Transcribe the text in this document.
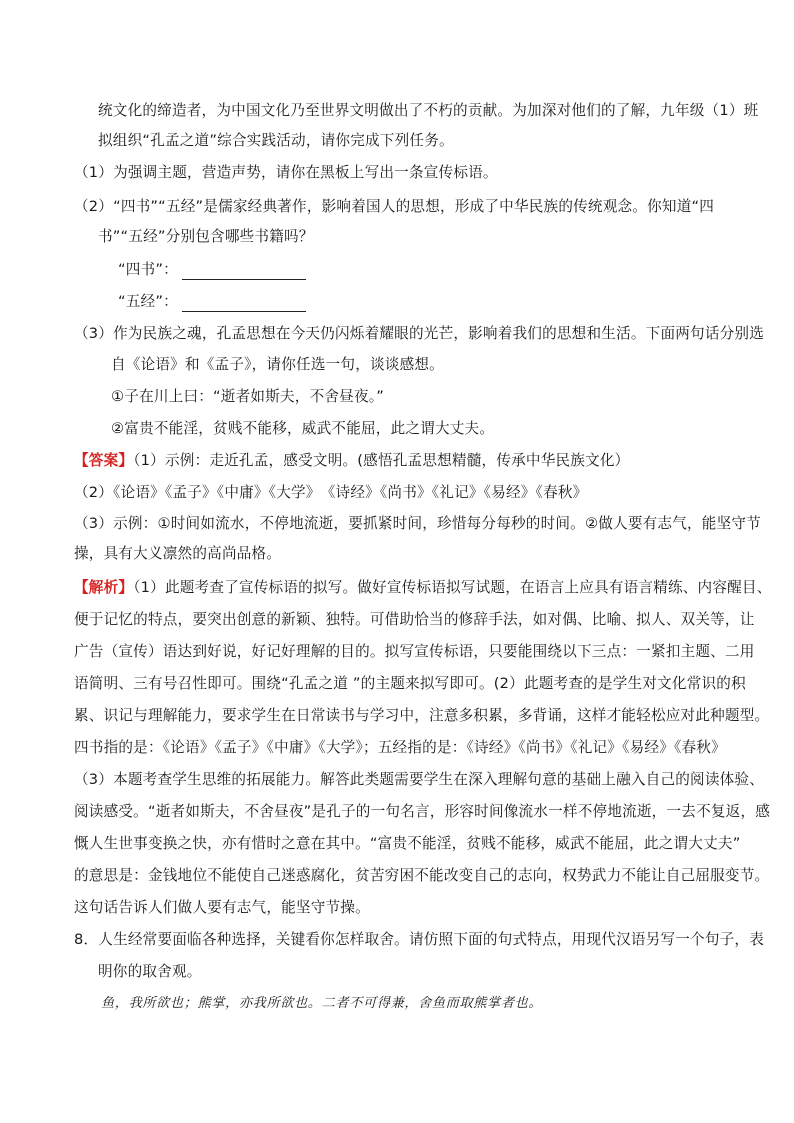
统文化的缔造者，为中国文化乃至世界文明做出了不朽的贡献。为加深对他们的了解，九年级（1）班
拟组织“孔孟之道”综合实践活动，请你完成下列任务。
（1）为强调主题，营造声势，请你在黑板上写出一条宣传标语。
（2）“四书”“五经”是儒家经典著作，影响着国人的思想，形成了中华民族的传统观念。你知道“四
书”“五经”分别包含哪些书籍吗？
“四书”：
“五经”：
（3）作为民族之魂，孔孟思想在今天仍闪烁着耀眼的光芒，影响着我们的思想和生活。下面两句话分别选
自《论语》和《孟子》，请你任选一句，谈谈感想。
①子在川上曰：“逝者如斯夫，不舍昼夜。”
②富贵不能淫，贫贱不能移，威武不能屈，此之谓大丈夫。
【答案】（1）示例：走近孔孟，感受文明。(感悟孔孟思想精髓，传承中华民族文化）
（2）《论语》《孟子》《中庸》《大学》　《诗经》《尚书》《礼记》《易经》《春秋》
（3）示例：①时间如流水，不停地流逝，要抓紧时间，珍惜每分每秒的时间。②做人要有志气，能坚守节
操，具有大义凛然的高尚品格。
【解析】（1）此题考查了宣传标语的拟写。做好宣传标语拟写试题，在语言上应具有语言精练、内容醒目、
便于记忆的特点，要突出创意的新颖、独特。可借助恰当的修辞手法，如对偶、比喻、拟人、双关等，让
广告（宣传）语达到好说，好记好理解的目的。拟写宣传标语，只要能围绕以下三点：一紧扣主题、二用
语简明、三有号召性即可。围绕“孔孟之道 ”的主题来拟写即可。(2）此题考查的是学生对文化常识的积
累、识记与理解能力，要求学生在日常读书与学习中，注意多积累，多背诵，这样才能轻松应对此种题型。
四书指的是：《论语》《孟子》《中庸》《大学》；五经指的是：《诗经》《尚书》《礼记》《易经》《春秋》
（3）本题考查学生思维的拓展能力。解答此类题需要学生在深入理解句意的基础上融入自己的阅读体验、
阅读感受。“逝者如斯夫，不舍昼夜”是孔子的一句名言，形容时间像流水一样不停地流逝，一去不复返，感
慨人生世事变换之快，亦有惜时之意在其中。“富贵不能淫，贫贱不能移，威武不能屈，此之谓大丈夫”
的意思是：金钱地位不能使自己迷惑腐化，贫苦穷困不能改变自己的志向，权势武力不能让自己屈服变节。
这句话告诉人们做人要有志气，能坚守节操。
8．人生经常要面临各种选择，关键看你怎样取舍。请仿照下面的句式特点，用现代汉语另写一个句子，表
明你的取舍观。
鱼，我所欲也；熊掌，亦我所欲也。二者不可得兼，舍鱼而取熊掌者也。
